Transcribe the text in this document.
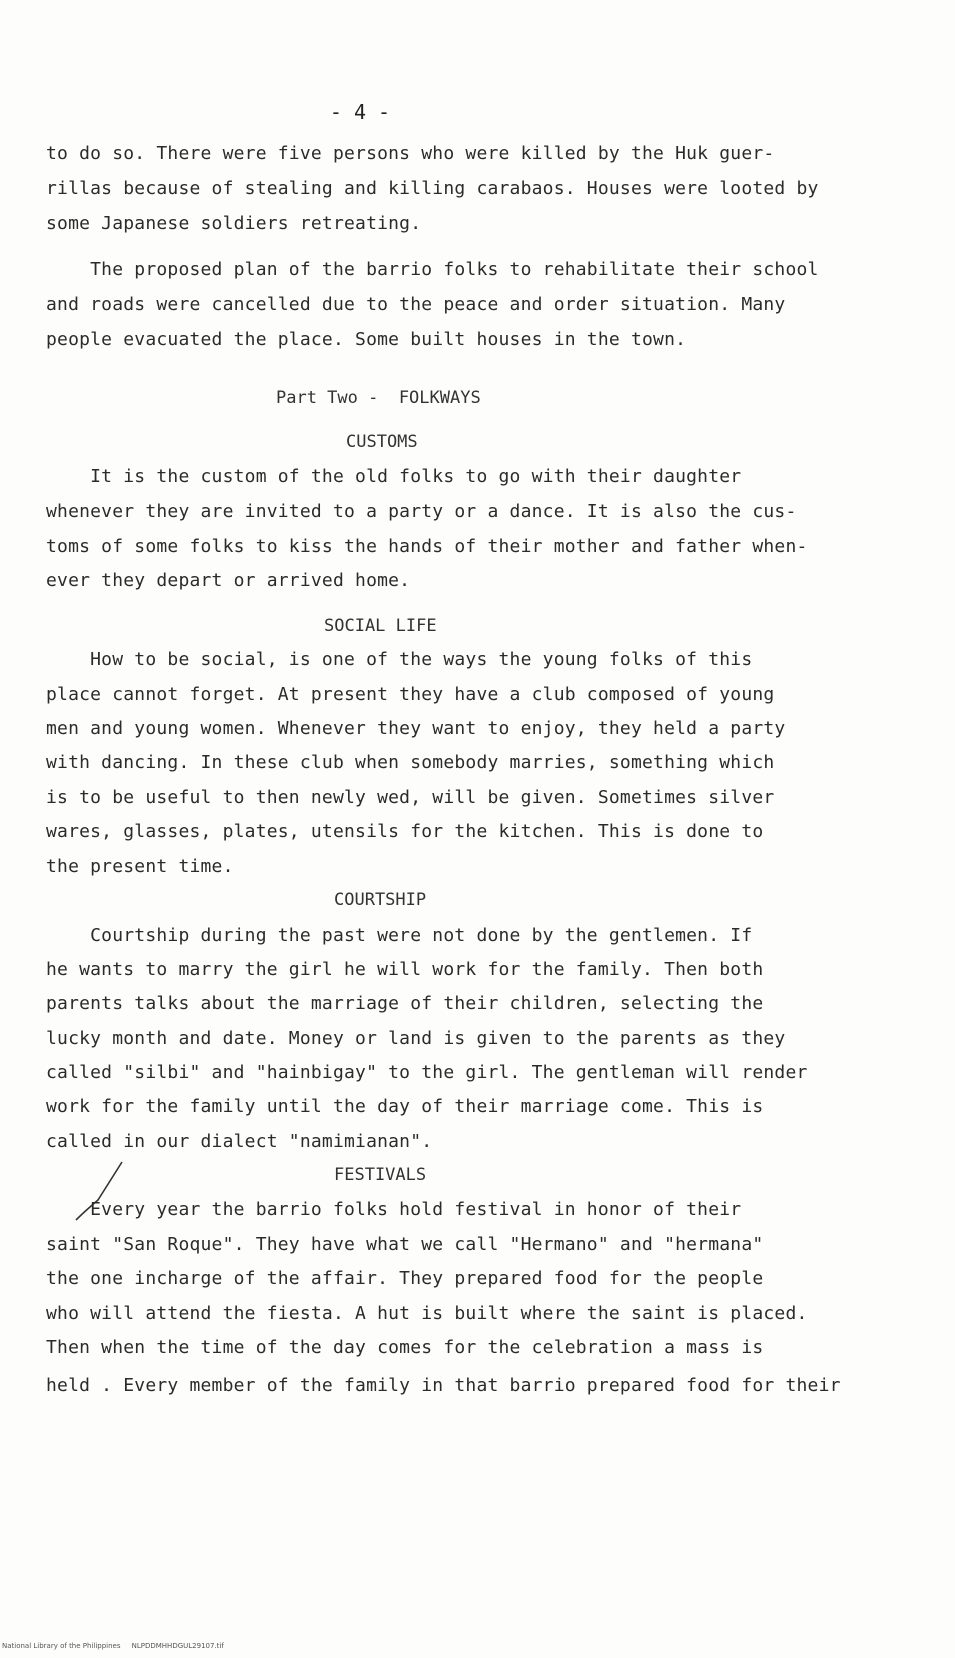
- 4 -
to do so. There were five persons who were killed by the Huk guer-
rillas because of stealing and killing carabaos. Houses were looted by
some Japanese soldiers retreating.
The proposed plan of the barrio folks to rehabilitate their school
and roads were cancelled due to the peace and order situation. Many
people evacuated the place. Some built houses in the town.
Part Two -  FOLKWAYS
CUSTOMS
It is the custom of the old folks to go with their daughter
whenever they are invited to a party or a dance. It is also the cus-
toms of some folks to kiss the hands of their mother and father when-
ever they depart or arrived home.
SOCIAL LIFE
How to be social, is one of the ways the young folks of this
place cannot forget. At present they have a club composed of young
men and young women. Whenever they want to enjoy, they held a party
with dancing. In these club when somebody marries, something which
is to be useful to then newly wed, will be given. Sometimes silver
wares, glasses, plates, utensils for the kitchen. This is done to
the present time.
COURTSHIP
Courtship during the past were not done by the gentlemen. If
he wants to marry the girl he will work for the family. Then both
parents talks about the marriage of their children, selecting the
lucky month and date. Money or land is given to the parents as they
called "silbi" and "hainbigay" to the girl. The gentleman will render
work for the family until the day of their marriage come. This is
called in our dialect "namimianan".
FESTIVALS
Every year the barrio folks hold festival in honor of their
saint "San Roque". They have what we call "Hermano" and "hermana"
the one incharge of the affair. They prepared food for the people
who will attend the fiesta. A hut is built where the saint is placed.
Then when the time of the day comes for the celebration a mass is
held . Every member of the family in that barrio prepared food for their
National Library of the Philippines     NLPDDMHHDGUL29107.tif
